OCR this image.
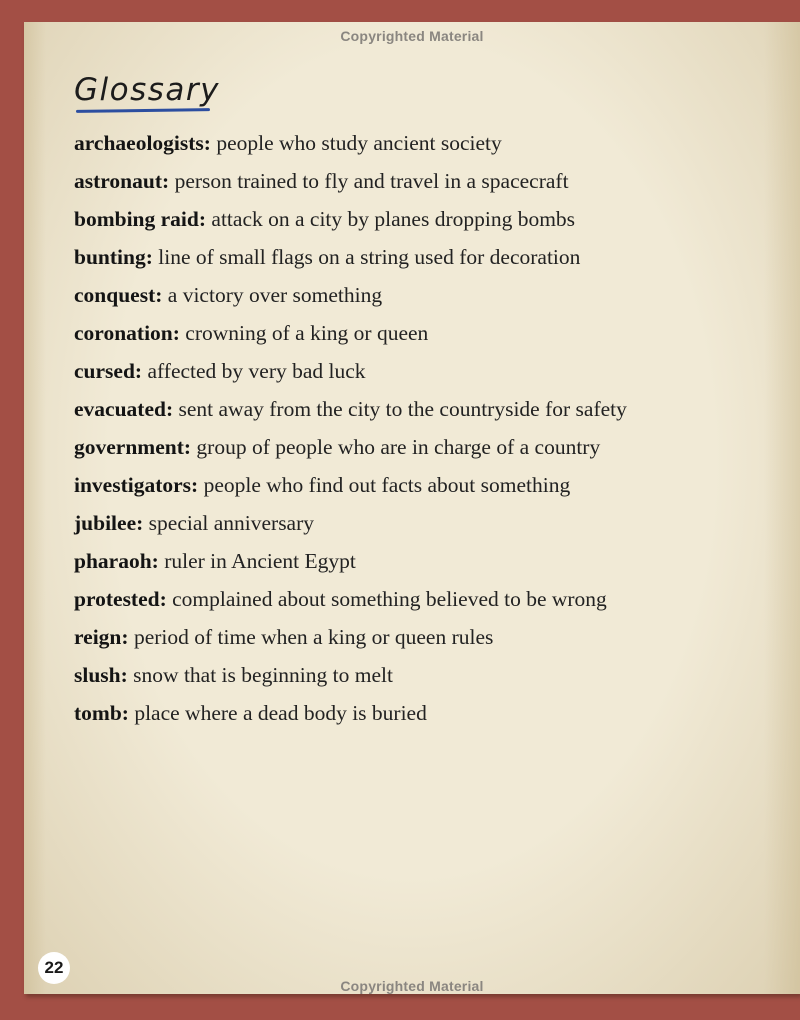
Copyrighted Material
Glossary
archaeologists: people who study ancient society
astronaut: person trained to fly and travel in a spacecraft
bombing raid: attack on a city by planes dropping bombs
bunting: line of small flags on a string used for decoration
conquest: a victory over something
coronation: crowning of a king or queen
cursed: affected by very bad luck
evacuated: sent away from the city to the countryside for safety
government: group of people who are in charge of a country
investigators: people who find out facts about something
jubilee: special anniversary
pharaoh: ruler in Ancient Egypt
protested: complained about something believed to be wrong
reign: period of time when a king or queen rules
slush: snow that is beginning to melt
tomb: place where a dead body is buried
22
Copyrighted Material
